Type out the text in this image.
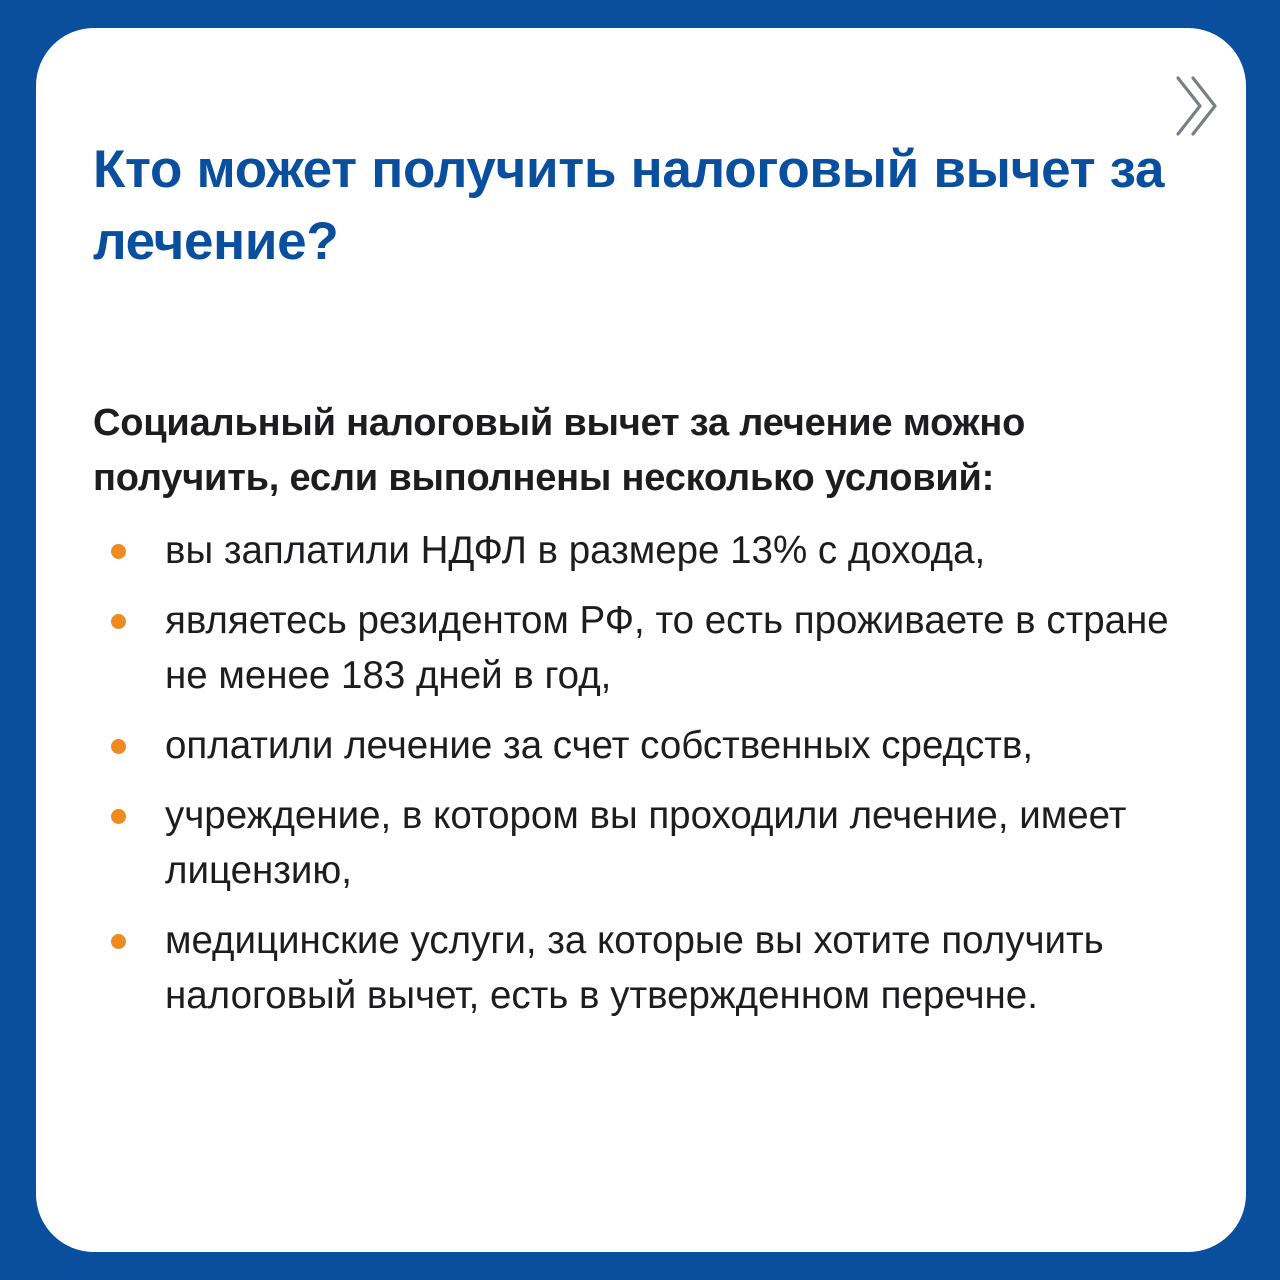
Кто может получить налоговый вычет за лечение?

Социальный налоговый вычет за лечение можно получить, если выполнены несколько условий:

вы заплатили НДФЛ в размере 13% с дохода,
являетесь резидентом РФ, то есть проживаете в стране не менее 183 дней в год,
оплатили лечение за счет собственных средств,
учреждение, в котором вы проходили лечение, имеет лицензию,
медицинские услуги, за которые вы хотите получить налоговый вычет, есть в утвержденном перечне.
